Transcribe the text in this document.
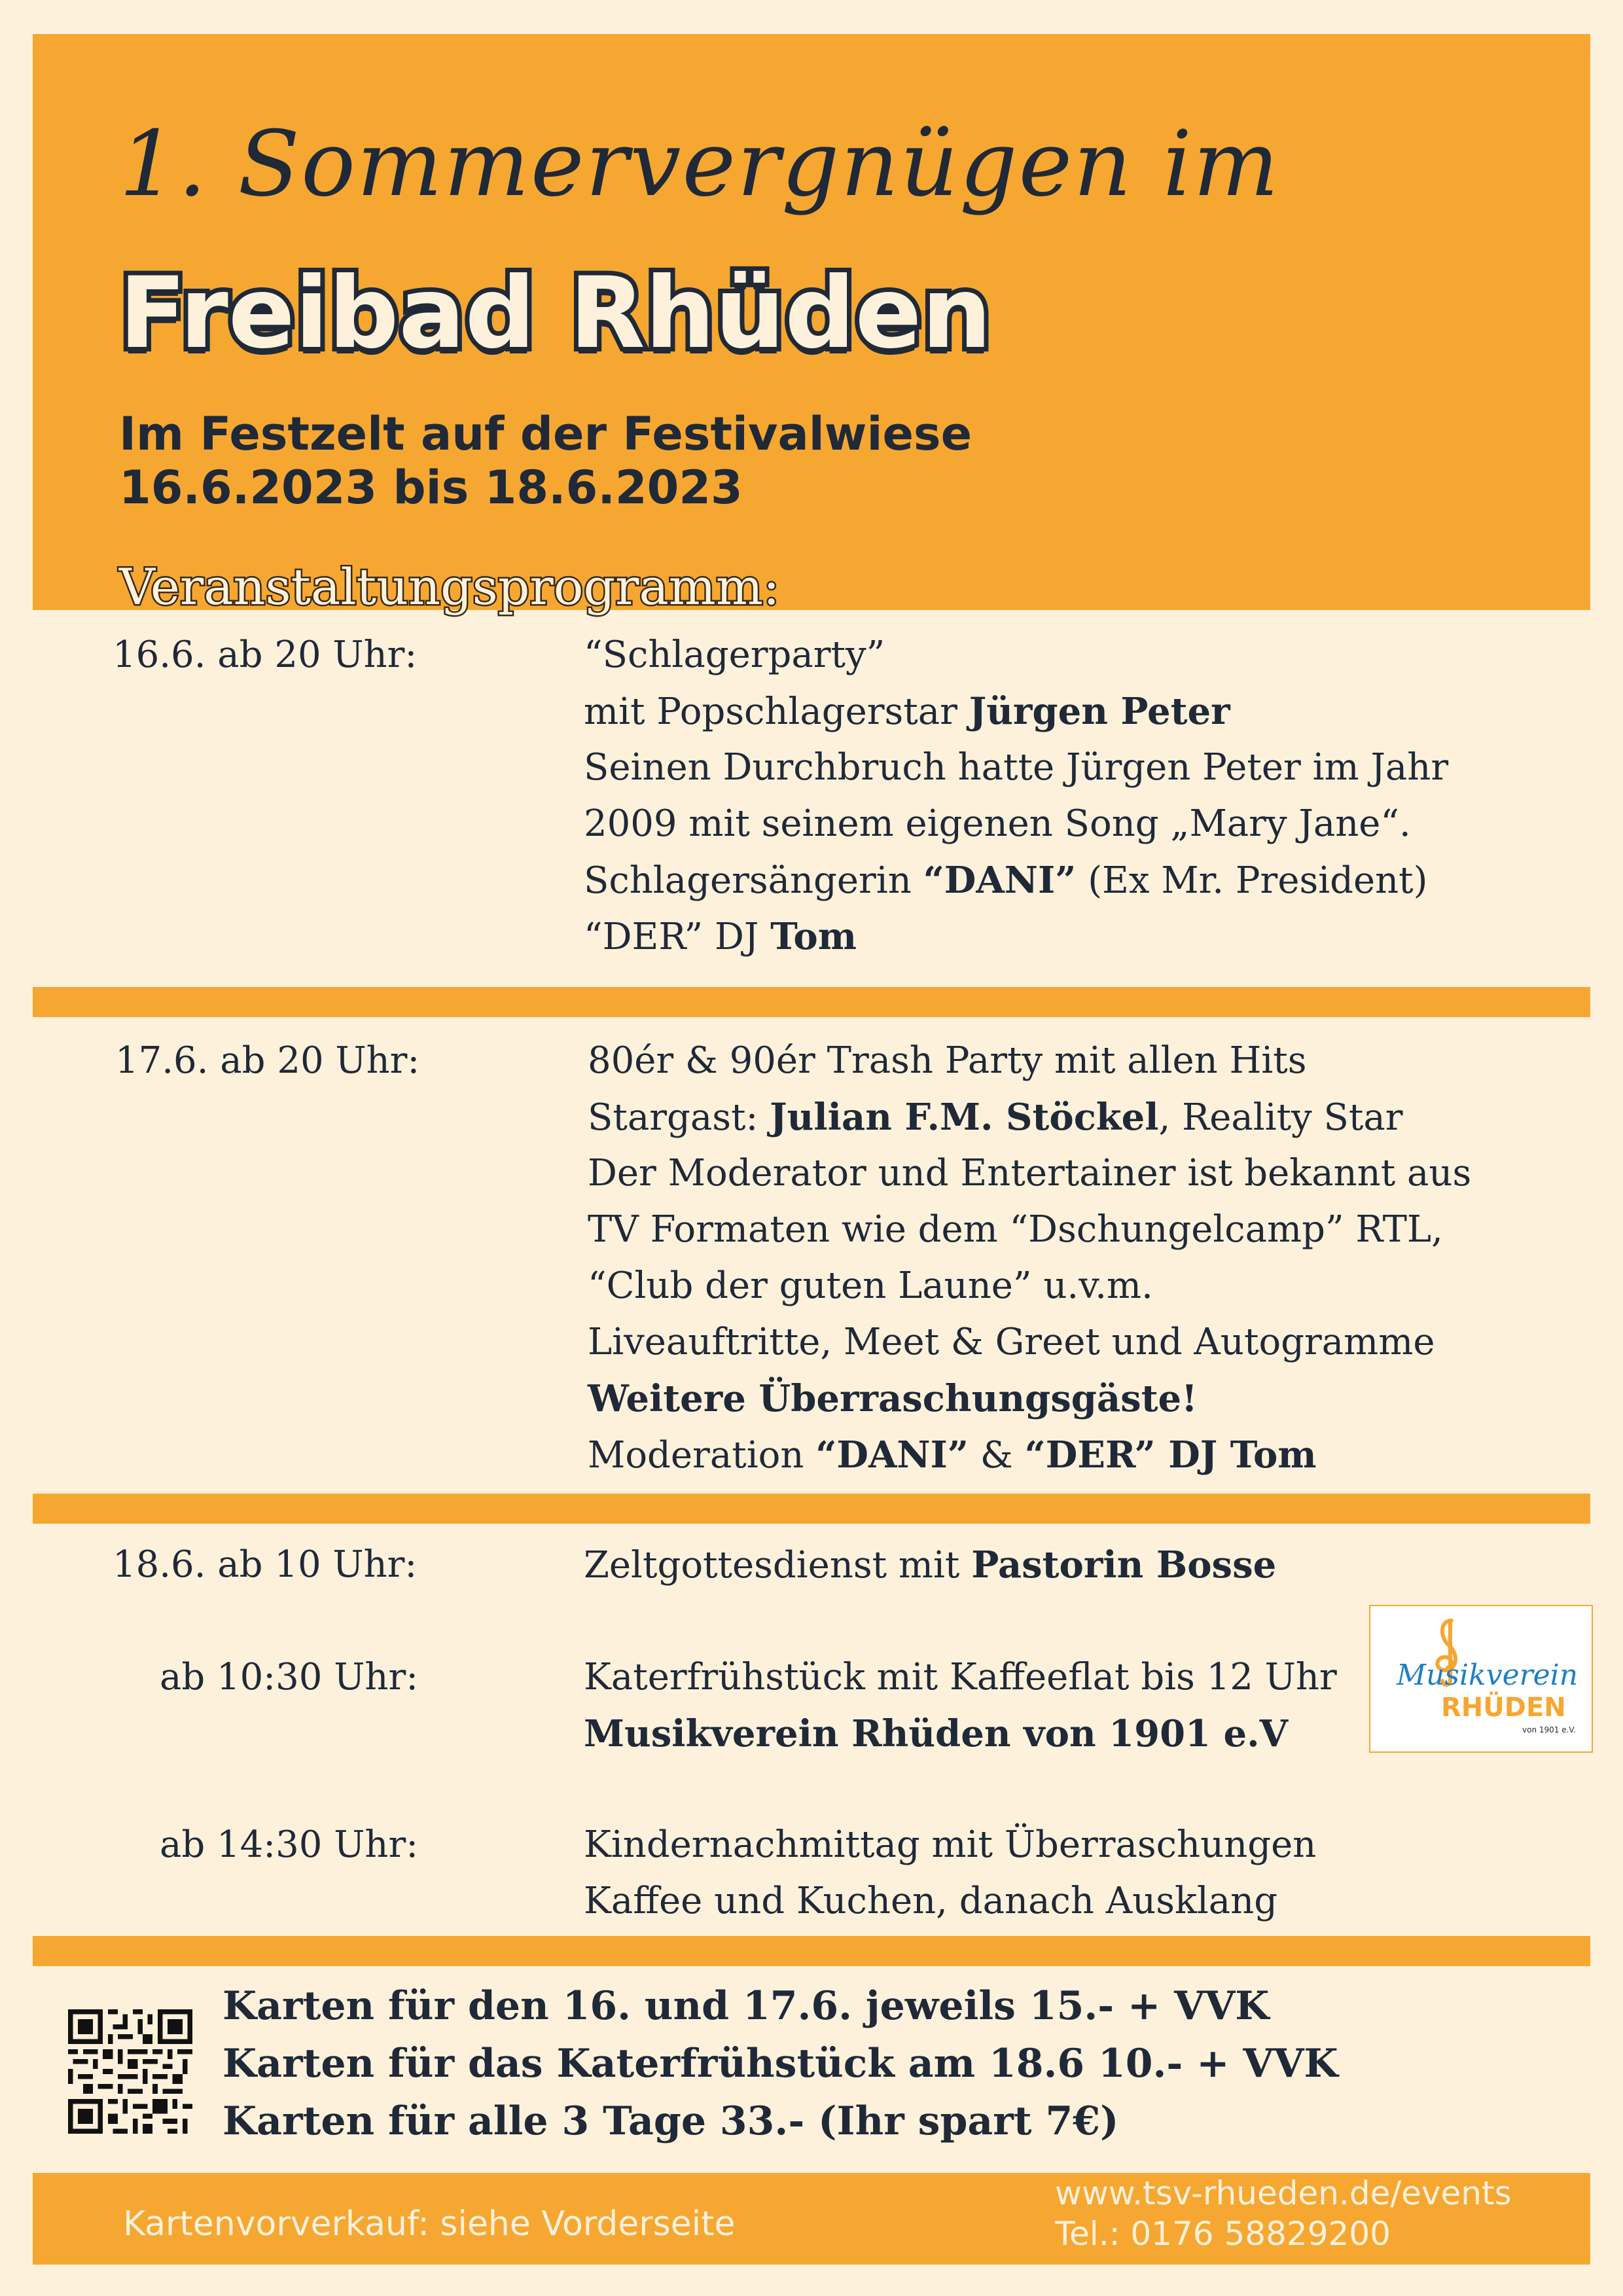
1. Sommervergnügen im
Freibad Rhüden
Im Festzelt auf der Festivalwiese
16.6.2023 bis 18.6.2023
Veranstaltungsprogramm:
16.6. ab 20 Uhr:	“Schlagerparty”
mit Popschlagerstar Jürgen Peter
Seinen Durchbruch hatte Jürgen Peter im Jahr
2009 mit seinem eigenen Song „Mary Jane“.
Schlagersängerin “DANI” (Ex Mr. President)
“DER” DJ Tom
17.6. ab 20 Uhr:	80ér & 90ér Trash Party mit allen Hits
Stargast: Julian F.M. Stöckel, Reality Star
Der Moderator und Entertainer ist bekannt aus
TV Formaten wie dem “Dschungelcamp” RTL,
“Club der guten Laune” u.v.m.
Liveauftritte, Meet & Greet und Autogramme
Weitere Überraschungsgäste!
Moderation “DANI” & “DER” DJ Tom
18.6. ab 10 Uhr:	Zeltgottesdienst mit Pastorin Bosse
ab 10:30 Uhr:	Katerfrühstück mit Kaffeeflat bis 12 Uhr
Musikverein Rhüden von 1901 e.V
ab 14:30 Uhr:	Kindernachmittag mit Überraschungen
Kaffee und Kuchen, danach Ausklang
Musikverein
RHÜDEN
von 1901 e.V.
Karten für den 16. und 17.6. jeweils 15.- + VVK
Karten für das Katerfrühstück am 18.6 10.- + VVK
Karten für alle 3 Tage 33.- (Ihr spart 7€)
Kartenvorverkauf: siehe Vorderseite
www.tsv-rhueden.de/events
Tel.: 0176 58829200
